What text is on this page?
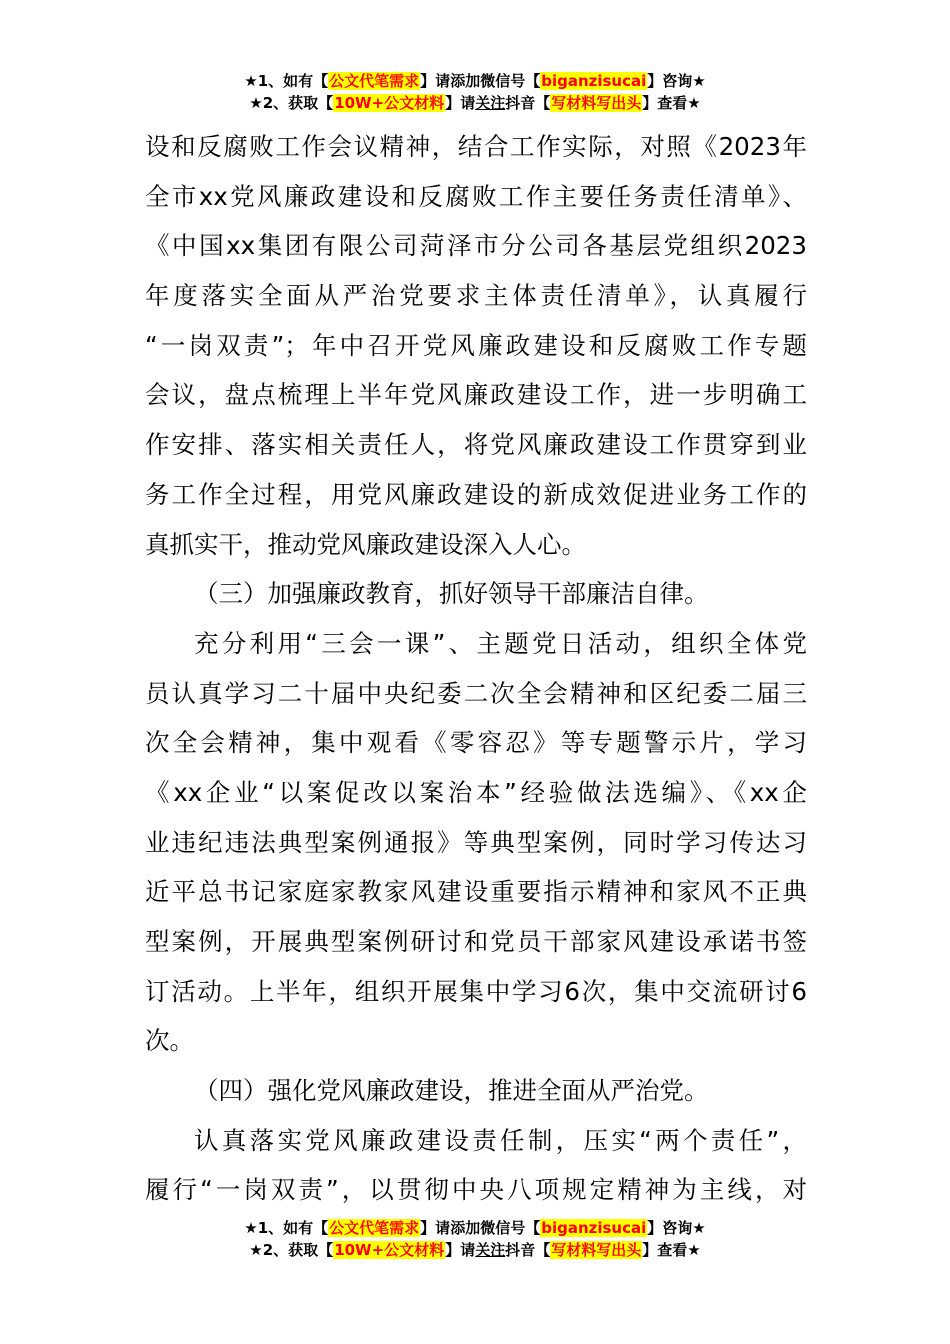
★1、如有【公文代笔需求】请添加微信号【biganzisucai】咨询★
★2、获取【10W+公文材料】请关注抖音【写材料写出头】查看★
设和反腐败工作会议精神，结合工作实际，对照《2023年
全市xx党风廉政建设和反腐败工作主要任务责任清单》、
《中国xx集团有限公司菏泽市分公司各基层党组织2023
年度落实全面从严治党要求主体责任清单》，认真履行
“一岗双责”；年中召开党风廉政建设和反腐败工作专题
会议，盘点梳理上半年党风廉政建设工作，进一步明确工
作安排、落实相关责任人，将党风廉政建设工作贯穿到业
务工作全过程，用党风廉政建设的新成效促进业务工作的
真抓实干，推动党风廉政建设深入人心。
（三）加强廉政教育，抓好领导干部廉洁自律。
充分利用“三会一课”、主题党日活动，组织全体党
员认真学习二十届中央纪委二次全会精神和区纪委二届三
次全会精神，集中观看《零容忍》等专题警示片，学习
《xx企业“以案促改以案治本”经验做法选编》、《xx企
业违纪违法典型案例通报》等典型案例，同时学习传达习
近平总书记家庭家教家风建设重要指示精神和家风不正典
型案例，开展典型案例研讨和党员干部家风建设承诺书签
订活动。上半年，组织开展集中学习6次，集中交流研讨6
次。
（四）强化党风廉政建设，推进全面从严治党。
认真落实党风廉政建设责任制，压实“两个责任”，
履行“一岗双责”，以贯彻中央八项规定精神为主线，对
★1、如有【公文代笔需求】请添加微信号【biganzisucai】咨询★
★2、获取【10W+公文材料】请关注抖音【写材料写出头】查看★
